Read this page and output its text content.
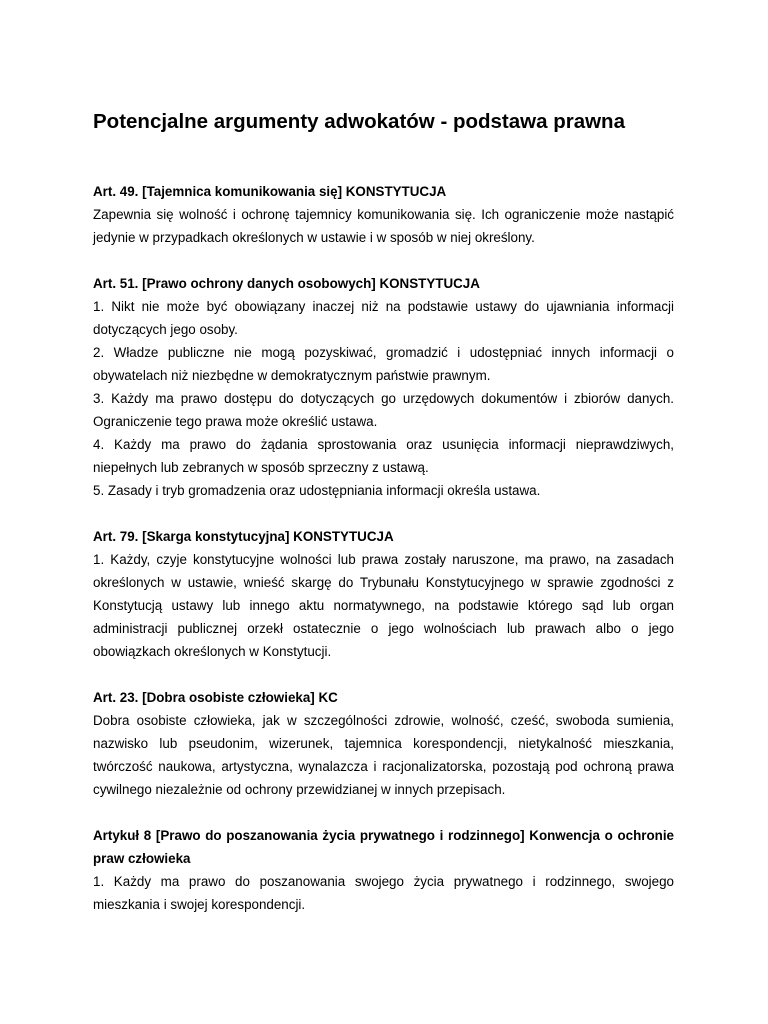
Potencjalne argumenty adwokatów - podstawa prawna

Art. 49. [Tajemnica komunikowania się] KONSTYTUCJA

Zapewnia się wolność i ochronę tajemnicy komunikowania się. Ich ograniczenie może nastąpić jedynie w przypadkach określonych w ustawie i w sposób w niej określony.

Art. 51. [Prawo ochrony danych osobowych] KONSTYTUCJA

1. Nikt nie może być obowiązany inaczej niż na podstawie ustawy do ujawniania informacji dotyczących jego osoby.

2. Władze publiczne nie mogą pozyskiwać, gromadzić i udostępniać innych informacji o obywatelach niż niezbędne w demokratycznym państwie prawnym.

3. Każdy ma prawo dostępu do dotyczących go urzędowych dokumentów i zbiorów danych. Ograniczenie tego prawa może określić ustawa.

4. Każdy ma prawo do żądania sprostowania oraz usunięcia informacji nieprawdziwych, niepełnych lub zebranych w sposób sprzeczny z ustawą.

5. Zasady i tryb gromadzenia oraz udostępniania informacji określa ustawa.

Art. 79. [Skarga konstytucyjna] KONSTYTUCJA

1. Każdy, czyje konstytucyjne wolności lub prawa zostały naruszone, ma prawo, na zasadach określonych w ustawie, wnieść skargę do Trybunału Konstytucyjnego w sprawie zgodności z Konstytucją ustawy lub innego aktu normatywnego, na podstawie którego sąd lub organ administracji publicznej orzekł ostatecznie o jego wolnościach lub prawach albo o jego obowiązkach określonych w Konstytucji.

Art. 23. [Dobra osobiste człowieka] KC

Dobra osobiste człowieka, jak w szczególności zdrowie, wolność, cześć, swoboda sumienia, nazwisko lub pseudonim, wizerunek, tajemnica korespondencji, nietykalność mieszkania, twórczość naukowa, artystyczna, wynalazcza i racjonalizatorska, pozostają pod ochroną prawa cywilnego niezależnie od ochrony przewidzianej w innych przepisach.

Artykuł 8 [Prawo do poszanowania życia prywatnego i rodzinnego] Konwencja o ochronie praw człowieka

1. Każdy ma prawo do poszanowania swojego życia prywatnego i rodzinnego, swojego mieszkania i swojej korespondencji.
